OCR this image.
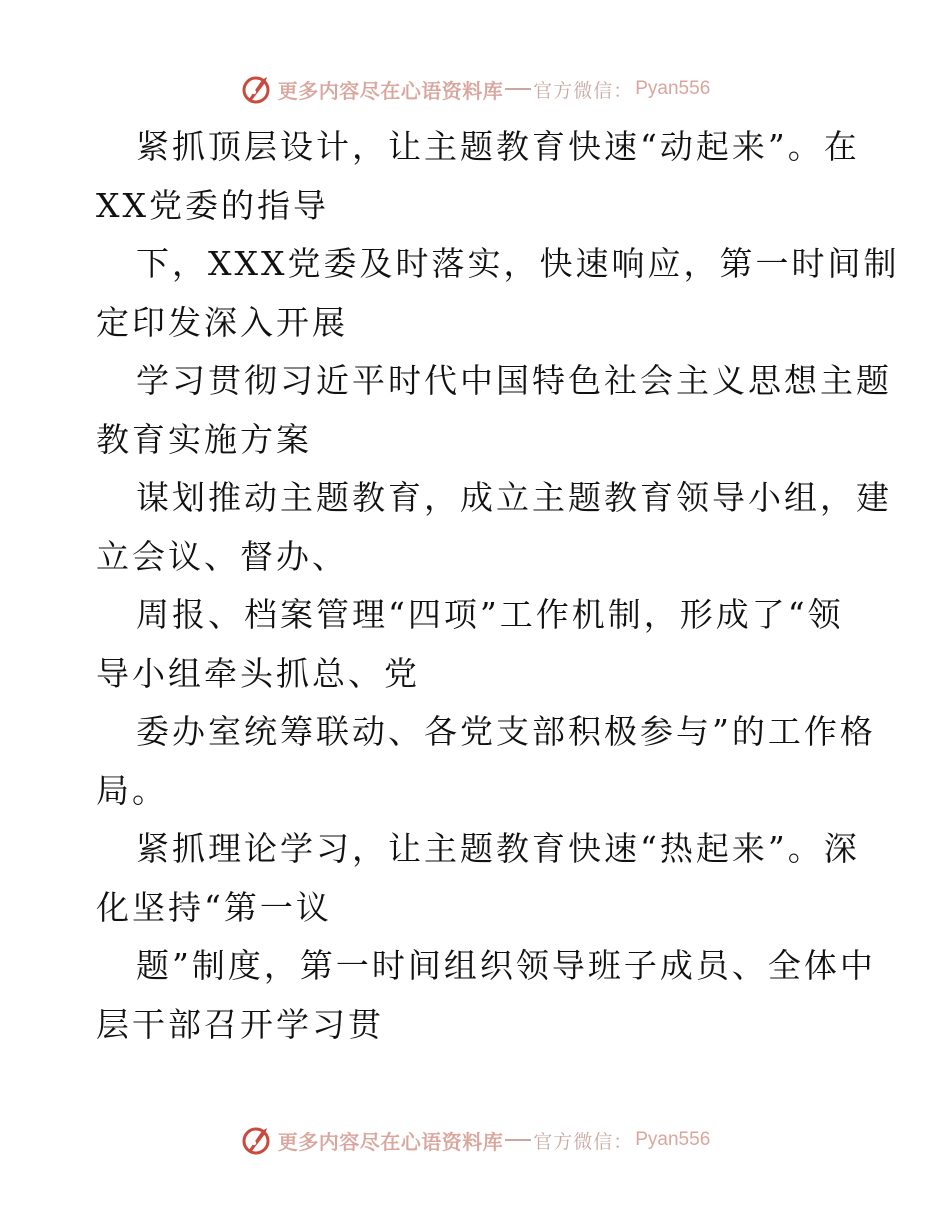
更多内容尽在心语资料库 官方微信： Pyan556
紧抓顶层设计，让主题教育快速“动起来”。在
XX党委的指导
下，XXX党委及时落实，快速响应，第一时间制
定印发深入开展
学习贯彻习近平时代中国特色社会主义思想主题
教育实施方案
谋划推动主题教育，成立主题教育领导小组，建
立会议、督办、
周报、档案管理“四项”工作机制，形成了“领
导小组牵头抓总、党
委办室统筹联动、各党支部积极参与”的工作格
局。
紧抓理论学习，让主题教育快速“热起来”。深
化坚持“第一议
题”制度，第一时间组织领导班子成员、全体中
层干部召开学习贯
更多内容尽在心语资料库 官方微信： Pyan556
